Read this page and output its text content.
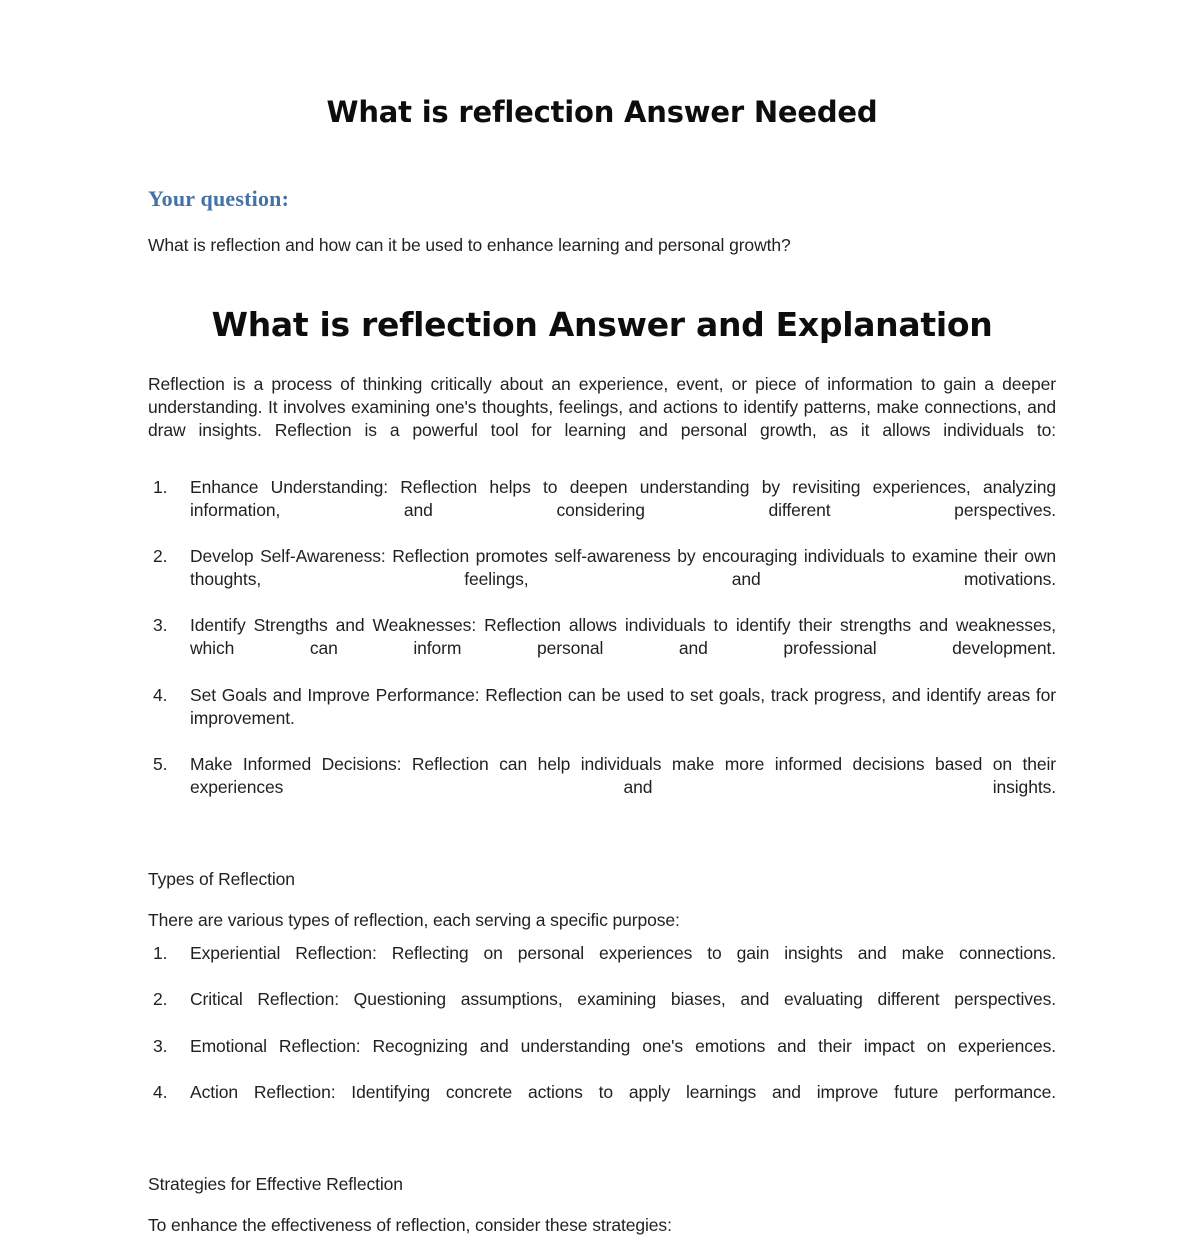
What is reflection Answer Needed
Your question:

What is reflection and how can it be used to enhance learning and personal growth?

What is reflection Answer and Explanation

Reflection is a process of thinking critically about an experience, event, or piece of information to gain a deeper understanding. It involves examining one's thoughts, feelings, and actions to identify patterns, make connections, and draw insights. Reflection is a powerful tool for learning and personal growth, as it allows individuals to:

Enhance Understanding: Reflection helps to deepen understanding by revisiting experiences, analyzing information, and considering different perspectives.
Develop Self-Awareness: Reflection promotes self-awareness by encouraging individuals to examine their own thoughts, feelings, and motivations.
Identify Strengths and Weaknesses: Reflection allows individuals to identify their strengths and weaknesses, which can inform personal and professional development.
Set Goals and Improve Performance: Reflection can be used to set goals, track progress, and identify areas for improvement.
Make Informed Decisions: Reflection can help individuals make more informed decisions based on their experiences and insights.

Types of Reflection

There are various types of reflection, each serving a specific purpose:

Experiential Reflection: Reflecting on personal experiences to gain insights and make connections.
Critical Reflection: Questioning assumptions, examining biases, and evaluating different perspectives.
Emotional Reflection: Recognizing and understanding one's emotions and their impact on experiences.
Action Reflection: Identifying concrete actions to apply learnings and improve future performance.

Strategies for Effective Reflection

To enhance the effectiveness of reflection, consider these strategies:
